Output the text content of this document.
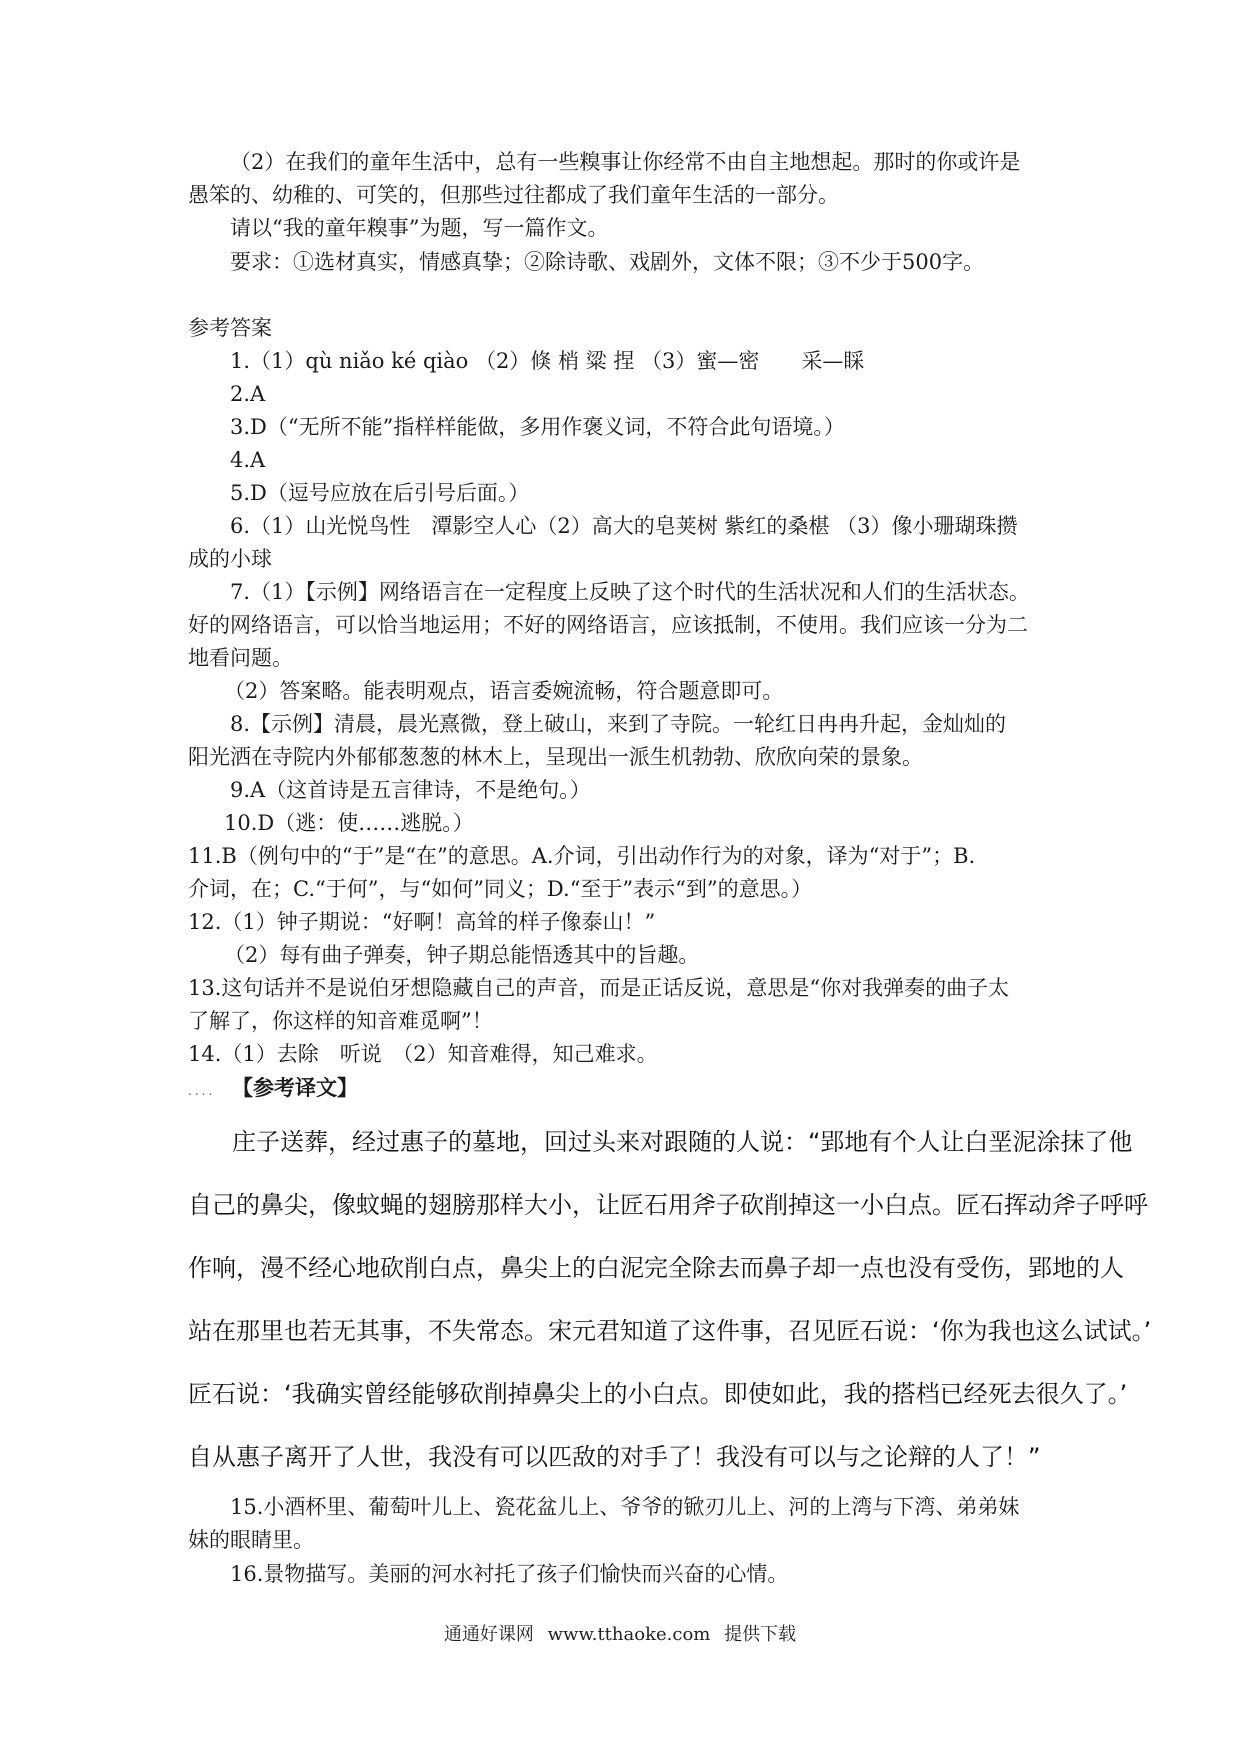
（2）在我们的童年生活中，总有一些糗事让你经常不由自主地想起。那时的你或许是
愚笨的、幼稚的、可笑的，但那些过往都成了我们童年生活的一部分。
请以“我的童年糗事”为题，写一篇作文。
要求：①选材真实，情感真挚；②除诗歌、戏剧外，文体不限；③不少于500字。
参考答案
1.（1）qù niǎo ké qiào （2）倏 梢 粱 捏 （3）蜜—密　　采—睬
2.A
3.D（“无所不能”指样样能做，多用作褒义词，不符合此句语境。）
4.A
5.D（逗号应放在后引号后面。）
6.（1）山光悦鸟性　潭影空人心（2）高大的皂荚树 紫红的桑椹 （3）像小珊瑚珠攒
成的小球
7.（1）【示例】网络语言在一定程度上反映了这个时代的生活状况和人们的生活状态。
好的网络语言，可以恰当地运用；不好的网络语言，应该抵制，不使用。我们应该一分为二
地看问题。
（2）答案略。能表明观点，语言委婉流畅，符合题意即可。
8.【示例】清晨，晨光熹微，登上破山，来到了寺院。一轮红日冉冉升起，金灿灿的
阳光洒在寺院内外郁郁葱葱的林木上，呈现出一派生机勃勃、欣欣向荣的景象。
9.A（这首诗是五言律诗，不是绝句。）
10.D（逃：使……逃脱。）
11.B（例句中的“于”是“在”的意思。A.介词，引出动作行为的对象，译为“对于”；B.
介词，在；C.“于何”，与“如何”同义；D.“至于”表示“到”的意思。）
12.（1）钟子期说：“好啊！高耸的样子像泰山！”
（2）每有曲子弹奏，钟子期总能悟透其中的旨趣。
13.这句话并不是说伯牙想隐藏自己的声音，而是正话反说，意思是“你对我弹奏的曲子太
了解了，你这样的知音难觅啊”！
14.（1）去除　听说　（2）知音难得，知己难求。
.... 【参考译文】
庄子送葬，经过惠子的墓地，回过头来对跟随的人说：“郢地有个人让白垩泥涂抹了他
自己的鼻尖，像蚊蝇的翅膀那样大小，让匠石用斧子砍削掉这一小白点。匠石挥动斧子呼呼
作响，漫不经心地砍削白点，鼻尖上的白泥完全除去而鼻子却一点也没有受伤，郢地的人
站在那里也若无其事，不失常态。宋元君知道了这件事，召见匠石说：‘你为我也这么试试。’
匠石说：‘我确实曾经能够砍削掉鼻尖上的小白点。即使如此，我的搭档已经死去很久了。’
自从惠子离开了人世，我没有可以匹敌的对手了！我没有可以与之论辩的人了！”
15.小酒杯里、葡萄叶儿上、瓷花盆儿上、爷爷的锨刃儿上、河的上湾与下湾、弟弟妹
妹的眼睛里。
16.景物描写。美丽的河水衬托了孩子们愉快而兴奋的心情。
通通好课网 www.tthaoke.com 提供下载
